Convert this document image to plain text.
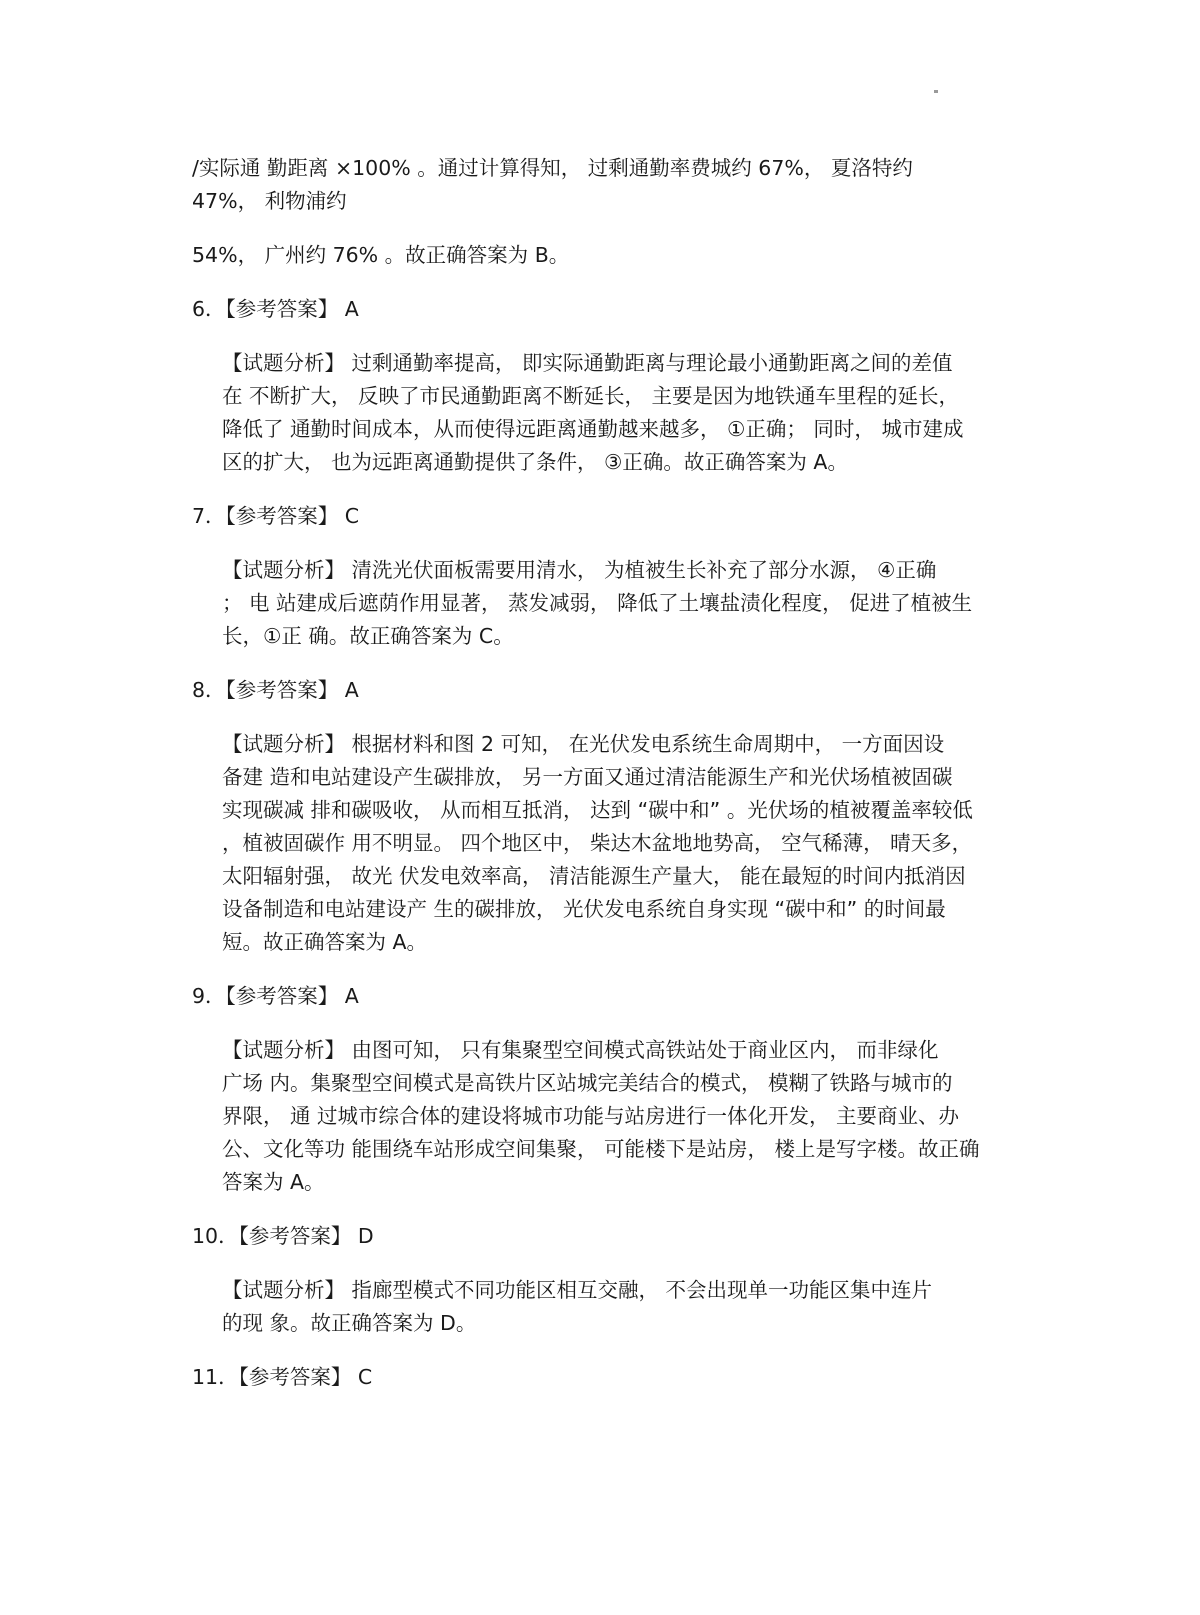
/实际通 勤距离 ×100% 。通过计算得知， 过剩通勤率费城约 67%， 夏洛特约
47%， 利物浦约

54%， 广州约 76% 。故正确答案为 B。

6．【参考答案】 A

【试题分析】 过剩通勤率提高， 即实际通勤距离与理论最小通勤距离之间的差值
在 不断扩大， 反映了市民通勤距离不断延长， 主要是因为地铁通车里程的延长，
降低了 通勤时间成本，从而使得远距离通勤越来越多， ①正确； 同时， 城市建成
区的扩大， 也为远距离通勤提供了条件， ③正确。故正确答案为 A。

7．【参考答案】 C

【试题分析】 清洗光伏面板需要用清水， 为植被生长补充了部分水源， ④正确
； 电 站建成后遮荫作用显著， 蒸发减弱， 降低了土壤盐渍化程度， 促进了植被生
长，①正 确。故正确答案为 C。

8．【参考答案】 A

【试题分析】 根据材料和图 2 可知， 在光伏发电系统生命周期中， 一方面因设
备建 造和电站建设产生碳排放， 另一方面又通过清洁能源生产和光伏场植被固碳
实现碳减 排和碳吸收， 从而相互抵消， 达到 “碳中和” 。光伏场的植被覆盖率较低
，植被固碳作 用不明显。 四个地区中， 柴达木盆地地势高， 空气稀薄， 晴天多，
太阳辐射强， 故光 伏发电效率高， 清洁能源生产量大， 能在最短的时间内抵消因
设备制造和电站建设产 生的碳排放， 光伏发电系统自身实现 “碳中和” 的时间最
短。故正确答案为 A。

9．【参考答案】 A

【试题分析】 由图可知， 只有集聚型空间模式高铁站处于商业区内， 而非绿化
广场 内。集聚型空间模式是高铁片区站城完美结合的模式， 模糊了铁路与城市的
界限， 通 过城市综合体的建设将城市功能与站房进行一体化开发， 主要商业、办
公、文化等功 能围绕车站形成空间集聚， 可能楼下是站房， 楼上是写字楼。故正确
答案为 A。

10．【参考答案】 D

【试题分析】 指廊型模式不同功能区相互交融， 不会出现单一功能区集中连片
的现 象。故正确答案为 D。

11．【参考答案】 C
